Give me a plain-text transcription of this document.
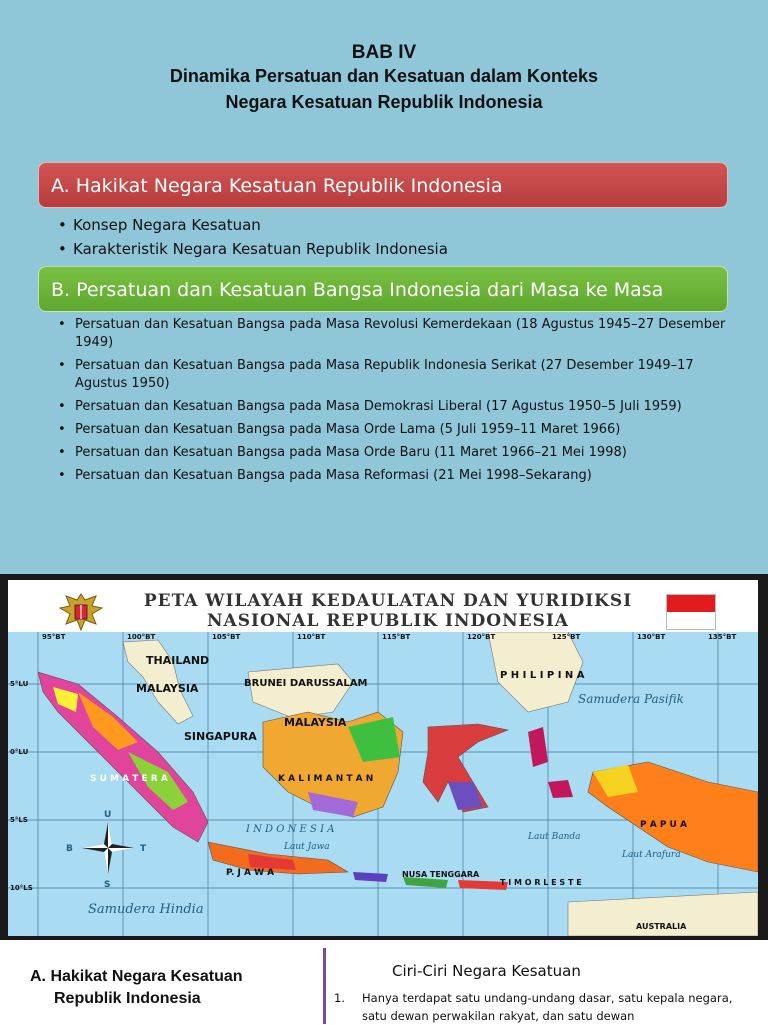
BAB IV
Dinamika Persatuan dan Kesatuan dalam Konteks
Negara Kesatuan Republik Indonesia
A. Hakikat Negara Kesatuan Republik Indonesia
• Konsep Negara Kesatuan
• Karakteristik Negara Kesatuan Republik Indonesia
B. Persatuan dan Kesatuan Bangsa Indonesia dari Masa ke Masa
• Persatuan dan Kesatuan Bangsa pada Masa Revolusi Kemerdekaan (18 Agustus 1945–27 Desember 1949)
• Persatuan dan Kesatuan Bangsa pada Masa Republik Indonesia Serikat (27 Desember 1949–17 Agustus 1950)
• Persatuan dan Kesatuan Bangsa pada Masa Demokrasi Liberal (17 Agustus 1950–5 Juli 1959)
• Persatuan dan Kesatuan Bangsa pada Masa Orde Lama (5 Juli 1959–11 Maret 1966)
• Persatuan dan Kesatuan Bangsa pada Masa Orde Baru (11 Maret 1966–21 Mei 1998)
• Persatuan dan Kesatuan Bangsa pada Masa Reformasi (21 Mei 1998–Sekarang)
PETA WILAYAH KEDAULATAN DAN YURIDIKSI
NASIONAL REPUBLIK INDONESIA
THAILAND
MALAYSIA	BRUNEI DARUSSALAM
MALAYSIA
P H I L I P I N A
SINGAPURA
S U M A T E R A	K A L I M A N T A N
P A P U A
P. J A W A
T I M O R L E S T E
NUSA TENGGARA
AUSTRALIA
I N D O N E S I A
Samudera Pasifik
Samudera Hindia
Laut Banda
Laut Arafura
Laut Jawa
5°LU
0°LU
5°LS
10°LS
95°BT	100°BT	105°BT	110°BT	115°BT	120°BT	125°BT	130°BT	135°BT
U
S
B	T
A. Hakikat Negara Kesatuan
Republik Indonesia
Ciri-Ciri Negara Kesatuan
1. Hanya terdapat satu undang-undang dasar, satu kepala negara, satu dewan perwakilan rakyat, dan satu dewan
